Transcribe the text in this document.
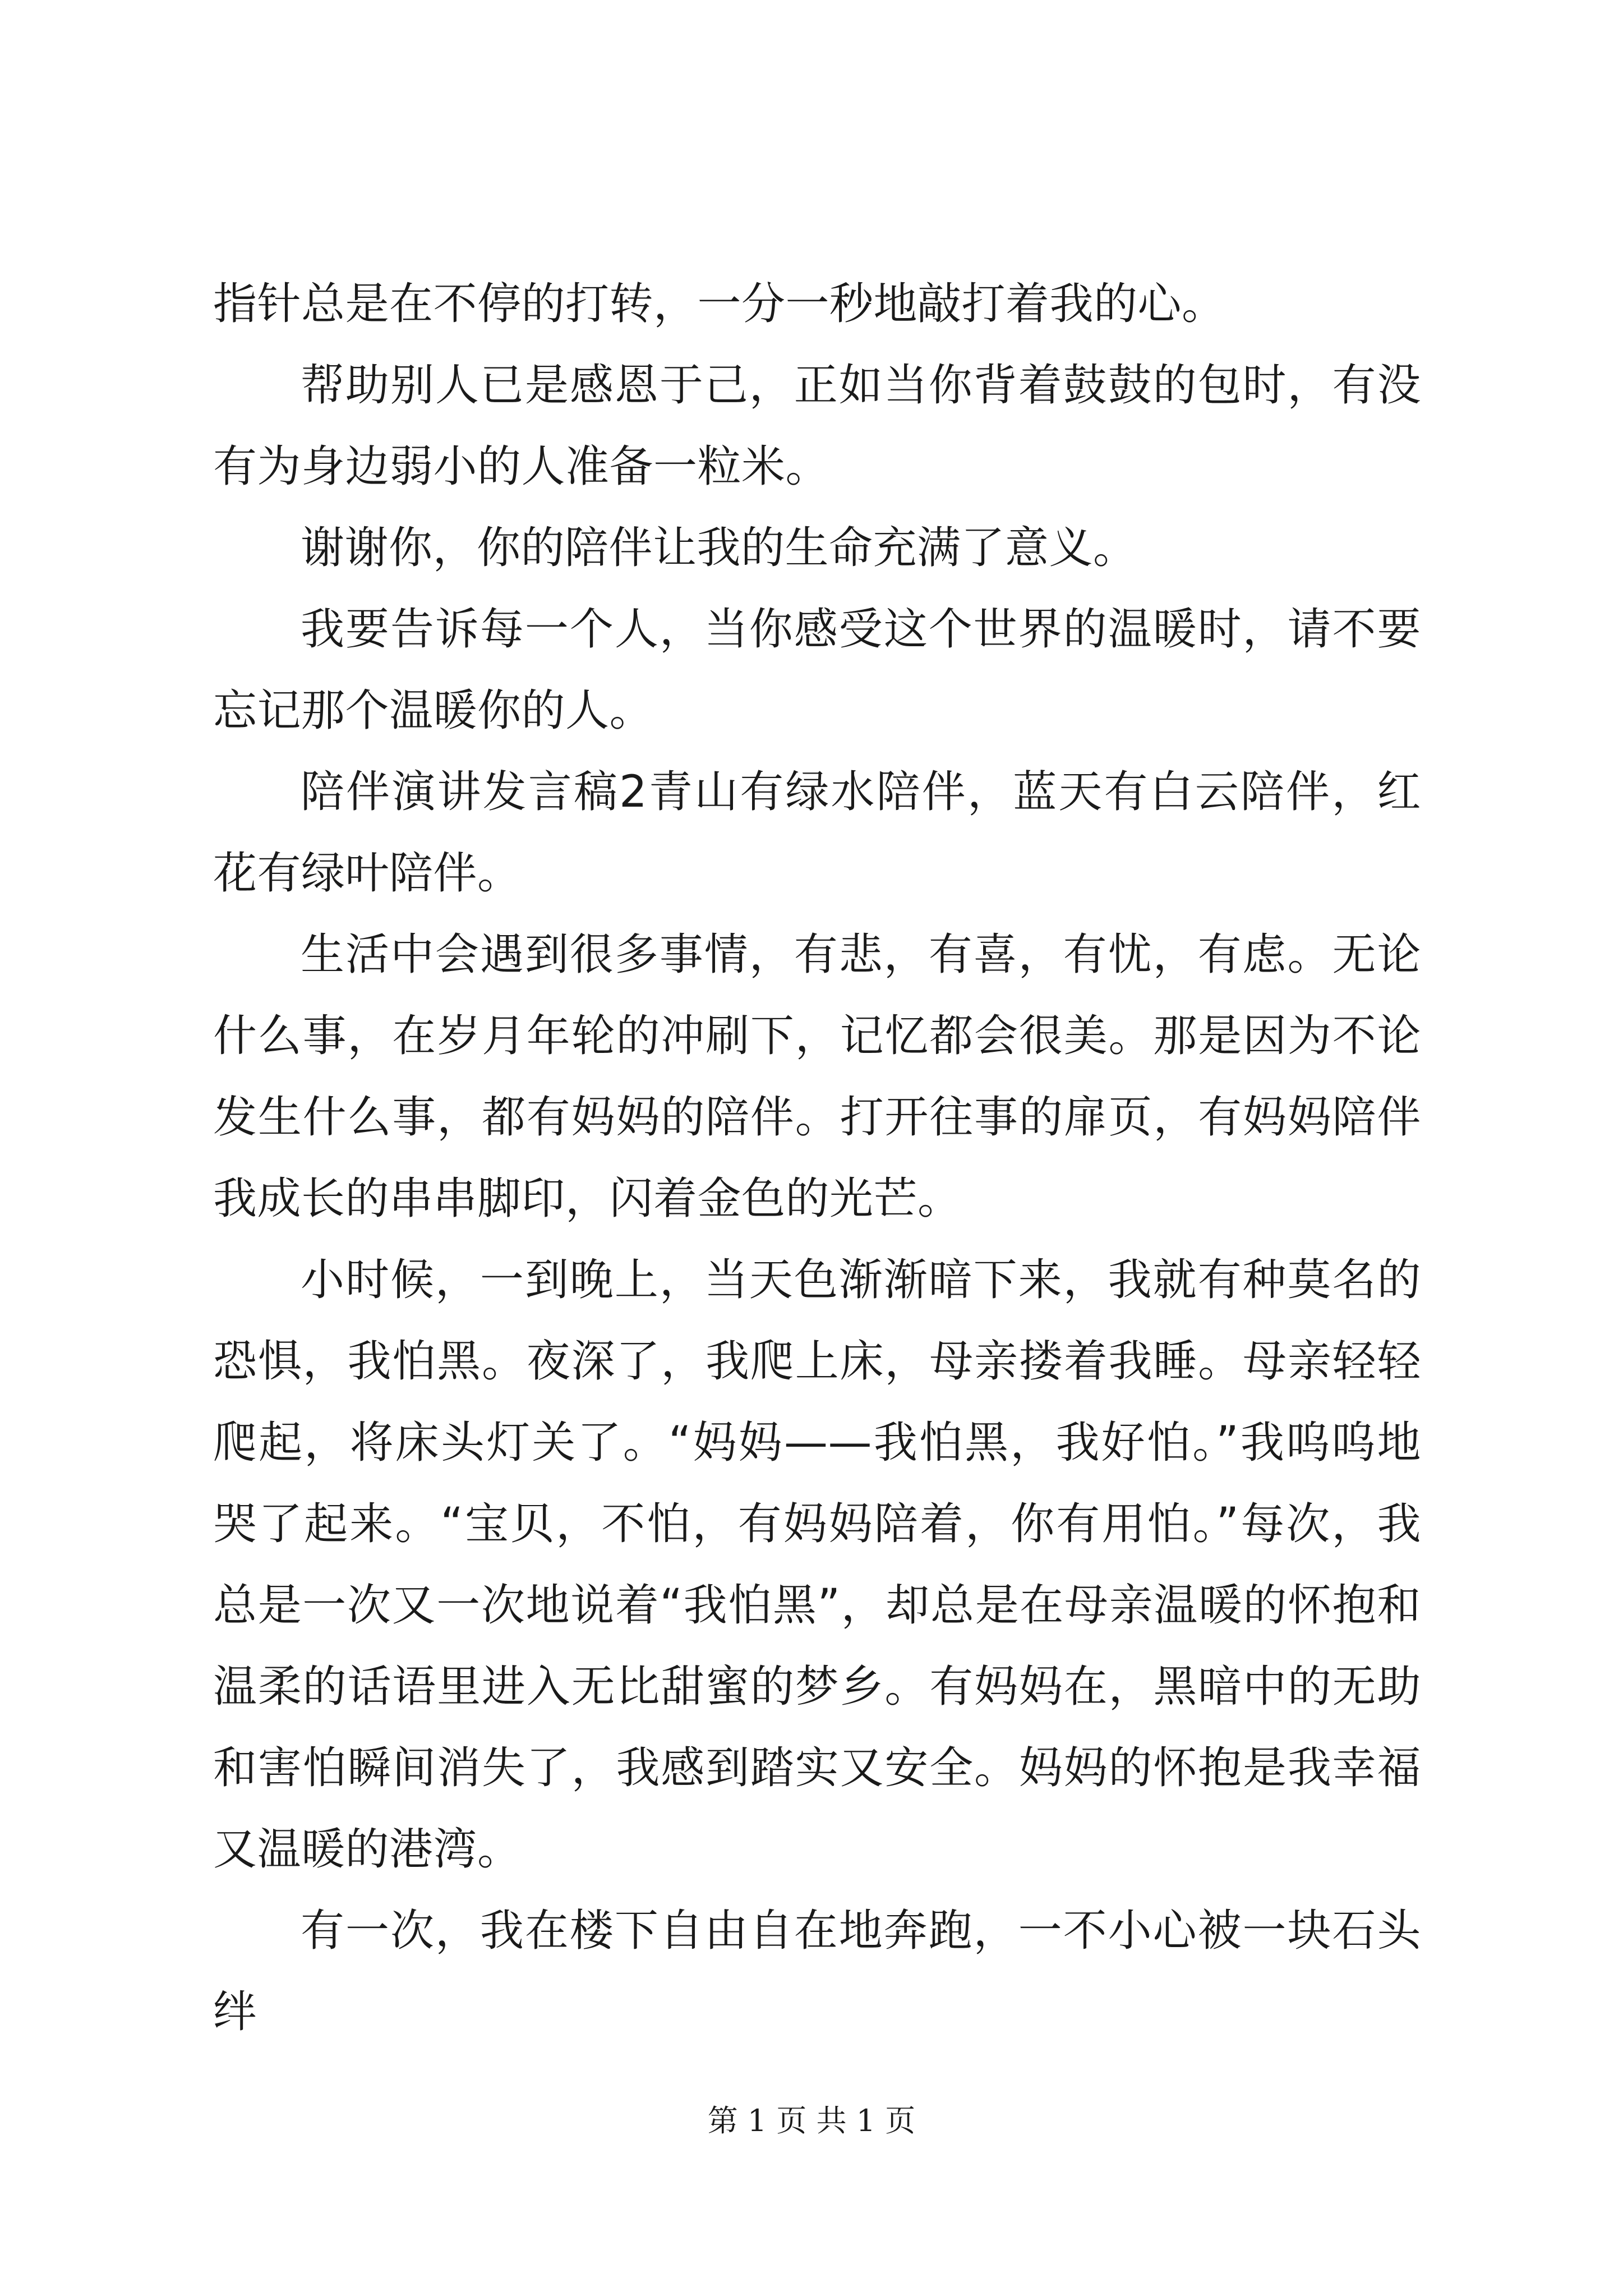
指针总是在不停的打转，一分一秒地敲打着我的心。

帮助别人已是感恩于己，正如当你背着鼓鼓的包时，有没有为身边弱小的人准备一粒米。

谢谢你，你的陪伴让我的生命充满了意义。

我要告诉每一个人，当你感受这个世界的温暖时，请不要忘记那个温暖你的人。

陪伴演讲发言稿2青山有绿水陪伴，蓝天有白云陪伴，红花有绿叶陪伴。

生活中会遇到很多事情，有悲，有喜，有忧，有虑。无论什么事，在岁月年轮的冲刷下，记忆都会很美。那是因为不论发生什么事，都有妈妈的陪伴。打开往事的扉页，有妈妈陪伴我成长的串串脚印，闪着金色的光芒。

小时候，一到晚上，当天色渐渐暗下来，我就有种莫名的恐惧，我怕黑。夜深了，我爬上床，母亲搂着我睡。母亲轻轻爬起，将床头灯关了。“妈妈——我怕黑，我好怕。”我呜呜地哭了起来。“宝贝，不怕，有妈妈陪着，你有用怕。”每次，我总是一次又一次地说着“我怕黑”，却总是在母亲温暖的怀抱和温柔的话语里进入无比甜蜜的梦乡。有妈妈在，黑暗中的无助和害怕瞬间消失了，我感到踏实又安全。妈妈的怀抱是我幸福又温暖的港湾。

有一次，我在楼下自由自在地奔跑，一不小心被一块石头绊

第 1 页 共 1 页
